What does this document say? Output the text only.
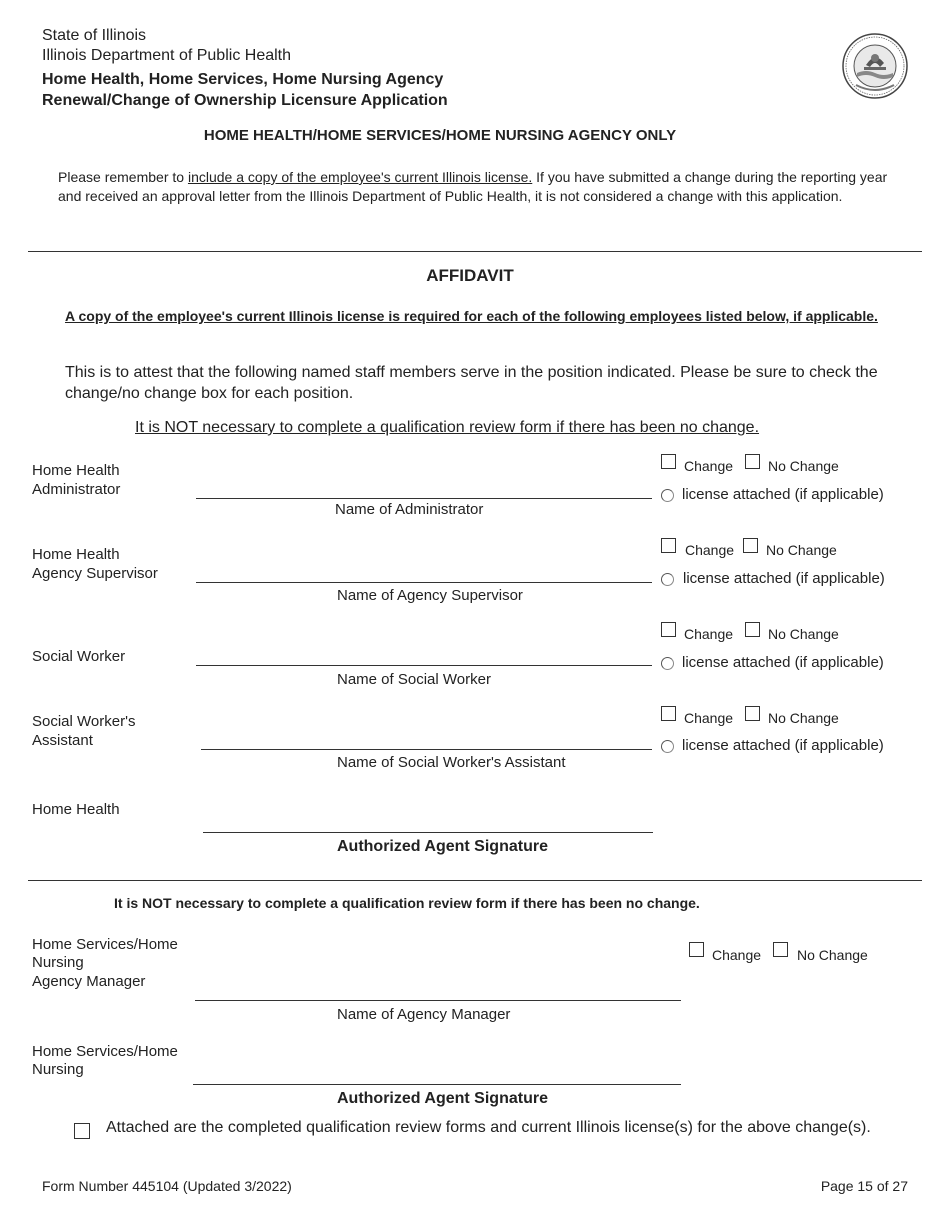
State of Illinois
Illinois Department of Public Health
Home Health, Home Services, Home Nursing Agency
Renewal/Change of Ownership Licensure Application
HOME HEALTH/HOME SERVICES/HOME NURSING AGENCY ONLY
Please remember to include a copy of the employee's current Illinois license. If you have submitted a change during the reporting year and received an approval letter from the Illinois Department of Public Health, it is not considered a change with this application.
AFFIDAVIT
A copy of the employee's current Illinois license is required for each of the following employees listed below, if applicable.
This is to attest that the following named staff members serve in the position indicated. Please be sure to check the change/no change box for each position.
It is NOT necessary to complete a qualification review form if there has been no change.
Home Health
Administrator
Name of Administrator
Change No Change
license attached (if applicable)
Home Health
Agency Supervisor
Name of Agency Supervisor
Change No Change
license attached (if applicable)
Social Worker
Name of Social Worker
Change No Change
license attached (if applicable)
Social Worker's
Assistant
Name of Social Worker's Assistant
Change No Change
license attached (if applicable)
Home Health
Authorized Agent Signature
It is NOT necessary to complete a qualification review form if there has been no change.
Home Services/Home
Nursing
Agency Manager
Change	No Change
Name of Agency Manager
Home Services/Home
Nursing
Authorized Agent Signature
Attached are the completed qualification review forms and current Illinois license(s) for the above change(s).
Form Number 445104 (Updated 3/2022)	Page 15 of 27
